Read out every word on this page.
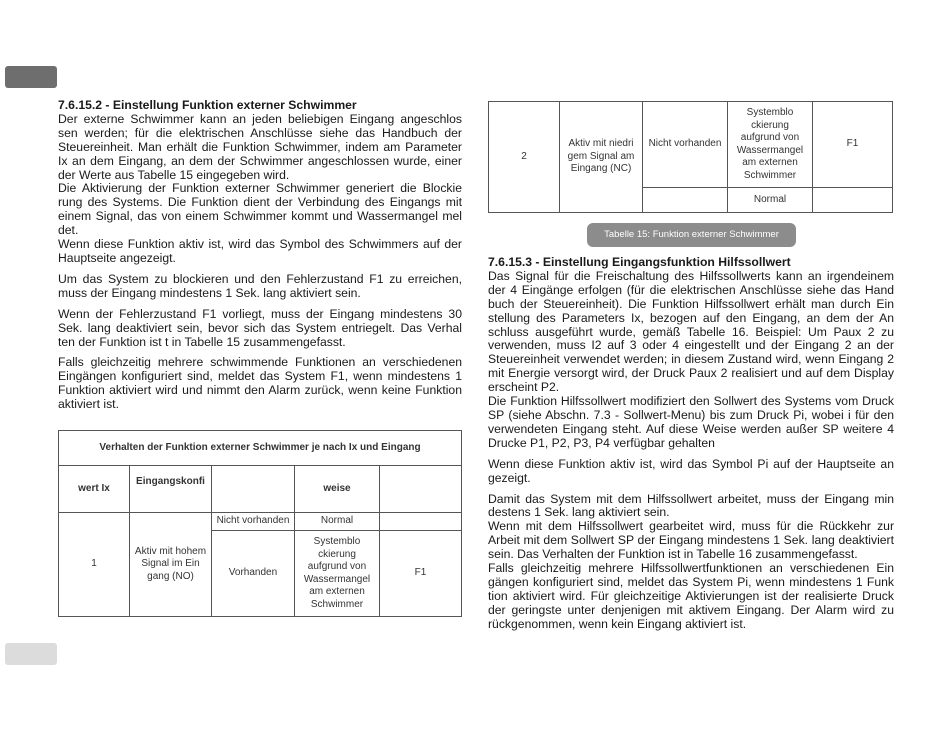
7.6.15.2 - Einstellung Funktion externer Schwimmer

Der externe Schwimmer kann an jeden beliebigen Eingang angeschlos sen werden; für die elektrischen Anschlüsse siehe das Handbuch der Steuereinheit. Man erhält die Funktion Schwimmer, indem am Parameter Ix an dem Eingang, an dem der Schwimmer angeschlossen wurde, einer der Werte aus Tabelle 15 eingegeben wird.

Die Aktivierung der Funktion externer Schwimmer generiert die Blockie rung des Systems. Die Funktion dient der Verbindung des Eingangs mit einem Signal, das von einem Schwimmer kommt und Wassermangel mel det.

Wenn diese Funktion aktiv ist, wird das Symbol des Schwimmers auf der Hauptseite angezeigt.

Um das System zu blockieren und den Fehlerzustand F1 zu erreichen, muss der Eingang mindestens 1 Sek. lang aktiviert sein.

Wenn der Fehlerzustand F1 vorliegt, muss der Eingang mindestens 30 Sek. lang deaktiviert sein, bevor sich das System entriegelt. Das Verhal ten der Funktion ist t in Tabelle 15 zusammengefasst.

Falls gleichzeitig mehrere schwimmende Funktionen an verschiedenen Eingängen konfiguriert sind, meldet das System F1, wenn mindestens 1 Funktion aktiviert wird und nimmt den Alarm zurück, wenn keine Funktion aktiviert ist.

Verhalten der Funktion externer Schwimmer je nach Ix und Eingang				
wert Ix	Eingangskonfi		weise	
1	Aktiv mit hohem Signal im Ein gang (NO)	Nicht vorhanden	Normal	
		Vorhanden	Systemblo ckierung aufgrund von Wassermangel am externen Schwimmer	F1
2	Aktiv mit niedri gem Signal am Eingang (NC)	Nicht vorhanden	Systemblo ckierung aufgrund von Wassermangel am externen Schwimmer	F1
			Normal	
Tabelle 15: Funktion externer Schwimmer
7.6.15.3 - Einstellung Eingangsfunktion Hilfssollwert

Das Signal für die Freischaltung des Hilfssollwerts kann an irgendeinem der 4 Eingänge erfolgen (für die elektrischen Anschlüsse siehe das Hand buch der Steuereinheit). Die Funktion Hilfssollwert erhält man durch Ein stellung des Parameters Ix, bezogen auf den Eingang, an dem der An schluss ausgeführt wurde, gemäß Tabelle 16. Beispiel: Um Paux 2 zu verwenden, muss I2 auf 3 oder 4 eingestellt und der Eingang 2 an der Steuereinheit verwendet werden; in diesem Zustand wird, wenn Eingang 2 mit Energie versorgt wird, der Druck Paux 2 realisiert und auf dem Display erscheint P2.

Die Funktion Hilfssollwert modifiziert den Sollwert des Systems vom Druck SP (siehe Abschn. 7.3 - Sollwert-Menu) bis zum Druck Pi, wobei i für den verwendeten Eingang steht. Auf diese Weise werden außer SP weitere 4 Drucke P1, P2, P3, P4 verfügbar gehalten

Wenn diese Funktion aktiv ist, wird das Symbol Pi auf der Hauptseite an gezeigt.

Damit das System mit dem Hilfssollwert arbeitet, muss der Eingang min destens 1 Sek. lang aktiviert sein.

Wenn mit dem Hilfssollwert gearbeitet wird, muss für die Rückkehr zur Arbeit mit dem Sollwert SP der Eingang mindestens 1 Sek. lang deaktiviert sein. Das Verhalten der Funktion ist in Tabelle 16 zusammengefasst.

Falls gleichzeitig mehrere Hilfssollwertfunktionen an verschiedenen Ein gängen konfiguriert sind, meldet das System Pi, wenn mindestens 1 Funk tion aktiviert wird. Für gleichzeitige Aktivierungen ist der realisierte Druck der geringste unter denjenigen mit aktivem Eingang. Der Alarm wird zu rückgenommen, wenn kein Eingang aktiviert ist.
